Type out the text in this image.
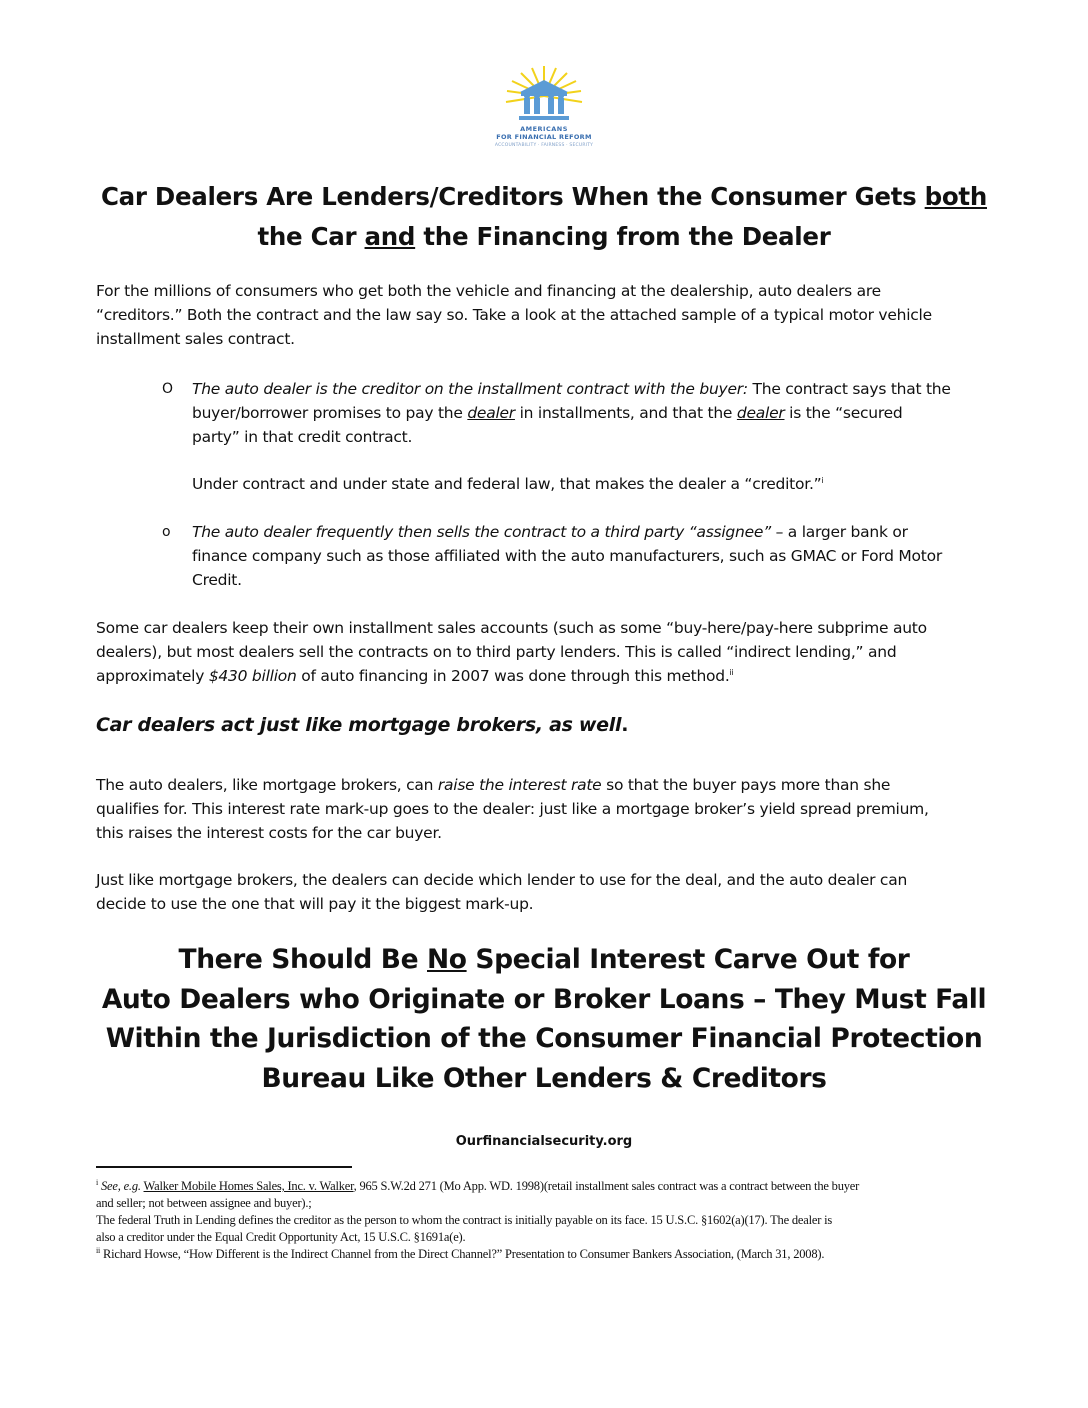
AMERICANS
FOR FINANCIAL REFORM
ACCOUNTABILITY · FAIRNESS · SECURITY
Car Dealers Are Lenders/Creditors When the Consumer Gets both
the Car and the Financing from the Dealer
For the millions of consumers who get both the vehicle and financing at the dealership, auto dealers are
“creditors.” Both the contract and the law say so. Take a look at the attached sample of a typical motor vehicle
installment sales contract.
O The auto dealer is the creditor on the installment contract with the buyer: The contract says that the
buyer/borrower promises to pay the dealer in installments, and that the dealer is the “secured
party” in that credit contract.
Under contract and under state and federal law, that makes the dealer a “creditor.”$^i$
o The auto dealer frequently then sells the contract to a third party “assignee” – a larger bank or
finance company such as those affiliated with the auto manufacturers, such as GMAC or Ford Motor
Credit.
Some car dealers keep their own installment sales accounts (such as some “buy-here/pay-here subprime auto
dealers), but most dealers sell the contracts on to third party lenders. This is called “indirect lending,” and
approximately $430 billion of auto financing in 2007 was done through this method.$^{ii}$
Car dealers act just like mortgage brokers, as well.
The auto dealers, like mortgage brokers, can raise the interest rate so that the buyer pays more than she
qualifies for. This interest rate mark-up goes to the dealer: just like a mortgage broker’s yield spread premium,
this raises the interest costs for the car buyer.
Just like mortgage brokers, the dealers can decide which lender to use for the deal, and the auto dealer can
decide to use the one that will pay it the biggest mark-up.
There Should Be No Special Interest Carve Out for
Auto Dealers who Originate or Broker Loans – They Must Fall
Within the Jurisdiction of the Consumer Financial Protection
Bureau Like Other Lenders & Creditors
Ourfinancialsecurity.org
$^i$ See, e.g. Walker Mobile Homes Sales, Inc. v. Walker, 965 S.W.2d 271 (Mo App. WD. 1998)(retail installment sales contract was a contract between the buyer
and seller; not between assignee and buyer).;
The federal Truth in Lending defines the creditor as the person to whom the contract is initially payable on its face. 15 U.S.C. §1602(a)(17). The dealer is
also a creditor under the Equal Credit Opportunity Act, 15 U.S.C. §1691a(e).
$^{ii}$ Richard Howse, “How Different is the Indirect Channel from the Direct Channel?” Presentation to Consumer Bankers Association, (March 31, 2008).
